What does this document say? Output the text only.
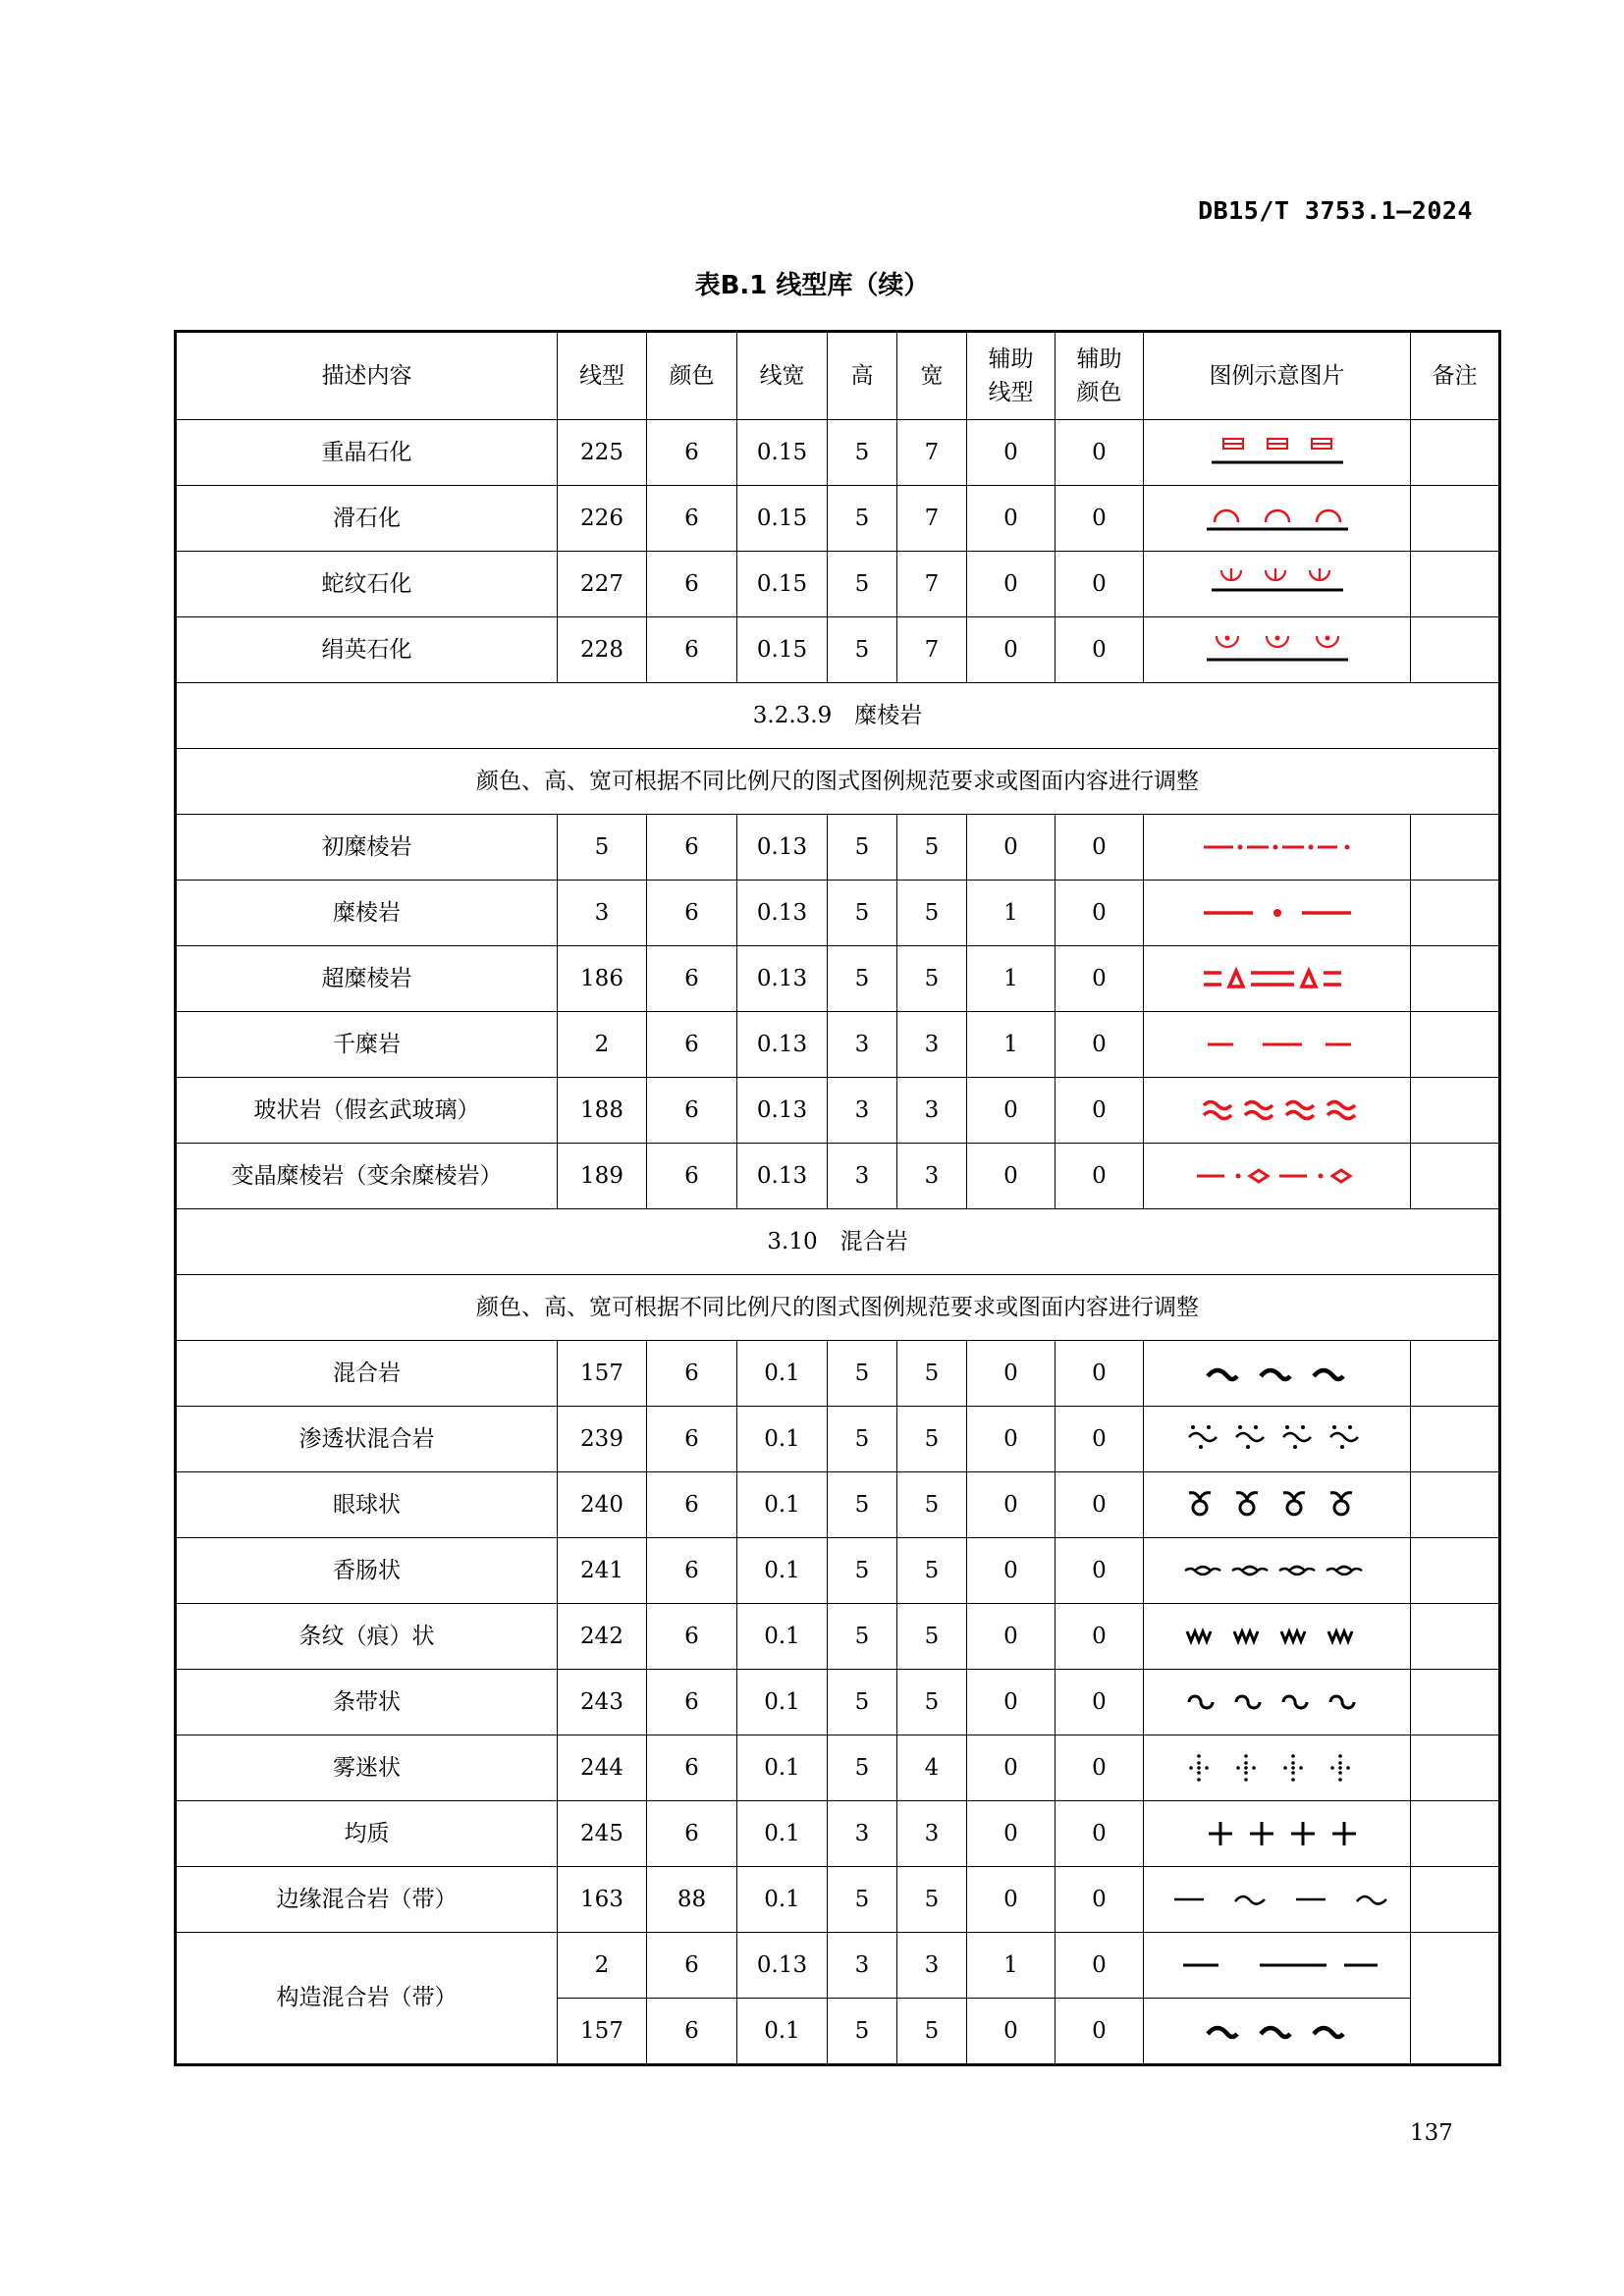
DB15/T 3753.1—2024
表B.1 线型库（续）
描述内容	线型	颜色	线宽	高	宽	辅助线型	辅助颜色	图例示意图片	备注
重晶石化	225	6	0.15	5	7	0	0	

滑石化	226	6	0.15	5	7	0	0	

蛇纹石化	227	6	0.15	5	7	0	0	

绢英石化	228	6	0.15	5	7	0	0	

3.2.3.9　糜棱岩									
颜色、高、宽可根据不同比例尺的图式图例规范要求或图面内容进行调整									
初糜棱岩	5	6	0.13	5	5	0	0	

糜棱岩	3	6	0.13	5	5	1	0	

超糜棱岩	186	6	0.13	5	5	1	0	

千糜岩	2	6	0.13	3	3	1	0	

玻状岩（假玄武玻璃）	188	6	0.13	3	3	0	0	

变晶糜棱岩（变余糜棱岩）	189	6	0.13	3	3	0	0	

3.10　混合岩									
颜色、高、宽可根据不同比例尺的图式图例规范要求或图面内容进行调整									
混合岩	157	6	0.1	5	5	0	0	

渗透状混合岩	239	6	0.1	5	5	0	0	

眼球状	240	6	0.1	5	5	0	0	

香肠状	241	6	0.1	5	5	0	0	

条纹（痕）状	242	6	0.1	5	5	0	0	

条带状	243	6	0.1	5	5	0	0	

雾迷状	244	6	0.1	5	4	0	0	

均质	245	6	0.1	3	3	0	0	

边缘混合岩（带）	163	88	0.1	5	5	0	0	

构造混合岩（带）	2	6	0.13	3	3	1	0	

	157	6	0.1	5	5	0	0	
137
